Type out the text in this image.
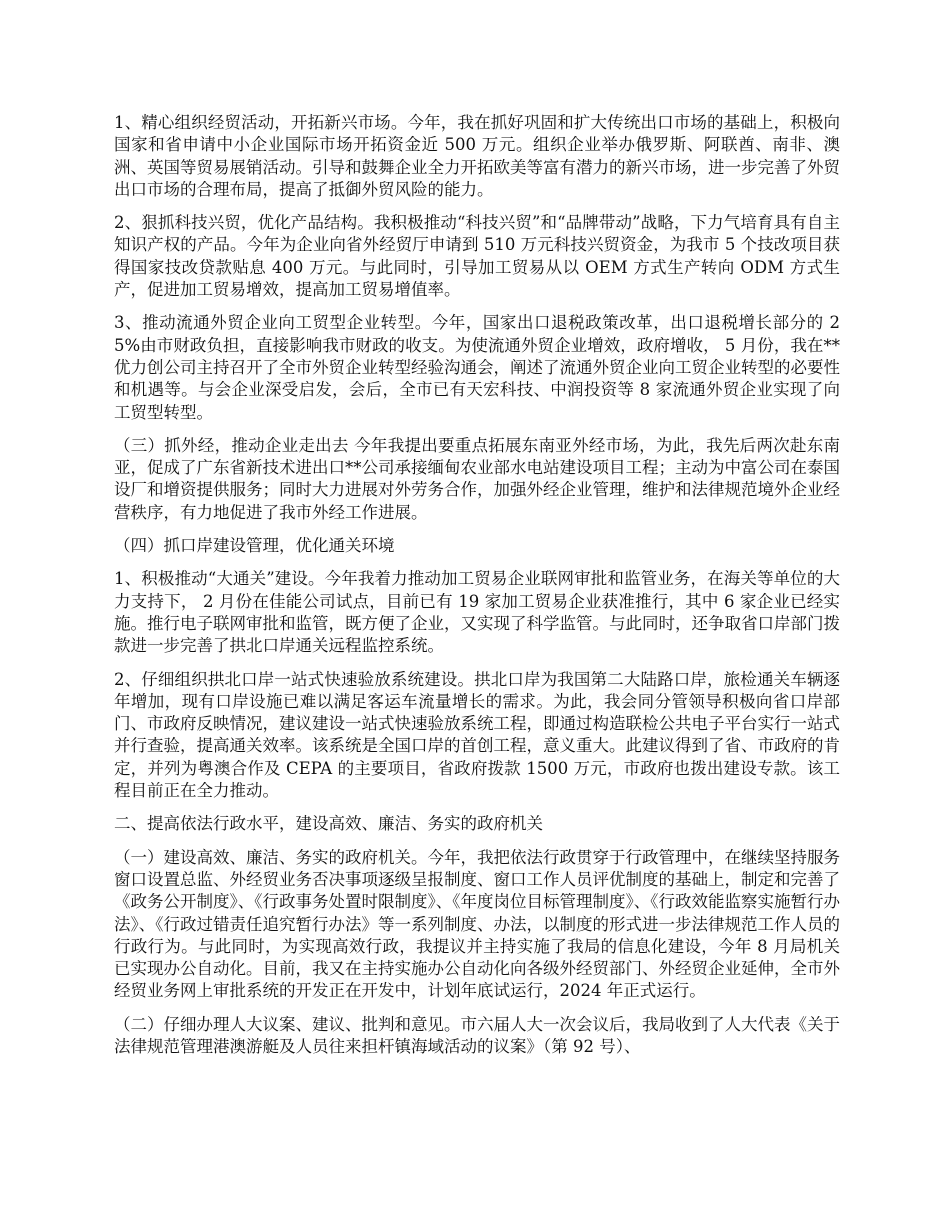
1、精心组织经贸活动，开拓新兴市场。今年，我在抓好巩固和扩大传统出口市场的基础上，积极向国家和省申请中小企业国际市场开拓资金近 500 万元。组织企业举办俄罗斯、阿联酋、南非、澳洲、英国等贸易展销活动。引导和鼓舞企业全力开拓欧美等富有潜力的新兴市场，进一步完善了外贸出口市场的合理布局，提高了抵御外贸风险的能力。

2、狠抓科技兴贸，优化产品结构。我积极推动“科技兴贸”和“品牌带动”战略，下力气培育具有自主知识产权的产品。今年为企业向省外经贸厅申请到 510 万元科技兴贸资金，为我市 5 个技改项目获得国家技改贷款贴息 400 万元。与此同时，引导加工贸易从以 OEM 方式生产转向 ODM 方式生产，促进加工贸易增效，提高加工贸易增值率。

3、推动流通外贸企业向工贸型企业转型。今年，国家出口退税政策改革，出口退税增长部分的 25%由市财政负担，直接影响我市财政的收支。为使流通外贸企业增效，政府增收， 5 月份，我在**优力创公司主持召开了全市外贸企业转型经验沟通会，阐述了流通外贸企业向工贸企业转型的必要性和机遇等。与会企业深受启发，会后，全市已有天宏科技、中润投资等 8 家流通外贸企业实现了向工贸型转型。

（三）抓外经，推动企业走出去 今年我提出要重点拓展东南亚外经市场，为此，我先后两次赴东南亚，促成了广东省新技术进出口**公司承接缅甸农业部水电站建设项目工程；主动为中富公司在泰国设厂和增资提供服务；同时大力进展对外劳务合作，加强外经企业管理，维护和法律规范境外企业经营秩序，有力地促进了我市外经工作进展。

（四）抓口岸建设管理，优化通关环境

1、积极推动“大通关”建设。今年我着力推动加工贸易企业联网审批和监管业务，在海关等单位的大力支持下， 2 月份在佳能公司试点，目前已有 19 家加工贸易企业获准推行，其中 6 家企业已经实施。推行电子联网审批和监管，既方便了企业，又实现了科学监管。与此同时，还争取省口岸部门拨款进一步完善了拱北口岸通关远程监控系统。

2、仔细组织拱北口岸一站式快速验放系统建设。拱北口岸为我国第二大陆路口岸，旅检通关车辆逐年增加，现有口岸设施已难以满足客运车流量增长的需求。为此，我会同分管领导积极向省口岸部门、市政府反映情况，建议建设一站式快速验放系统工程，即通过构造联检公共电子平台实行一站式并行查验，提高通关效率。该系统是全国口岸的首创工程，意义重大。此建议得到了省、市政府的肯定，并列为粤澳合作及 CEPA 的主要项目，省政府拨款 1500 万元，市政府也拨出建设专款。该工程目前正在全力推动。

二、提高依法行政水平，建设高效、廉洁、务实的政府机关

（一）建设高效、廉洁、务实的政府机关。今年，我把依法行政贯穿于行政管理中，在继续坚持服务窗口设置总监、外经贸业务否决事项逐级呈报制度、窗口工作人员评优制度的基础上，制定和完善了《政务公开制度》、《行政事务处置时限制度》、《年度岗位目标管理制度》、《行政效能监察实施暂行办法》、《行政过错责任追究暂行办法》等一系列制度、办法，以制度的形式进一步法律规范工作人员的行政行为。与此同时，为实现高效行政，我提议并主持实施了我局的信息化建设，今年 8 月局机关已实现办公自动化。目前，我又在主持实施办公自动化向各级外经贸部门、外经贸企业延伸，全市外经贸业务网上审批系统的开发正在开发中，计划年底试运行，2024 年正式运行。

（二）仔细办理人大议案、建议、批判和意见。市六届人大一次会议后，我局收到了人大代表《关于法律规范管理港澳游艇及人员往来担杆镇海域活动的议案》（第 92 号）、
